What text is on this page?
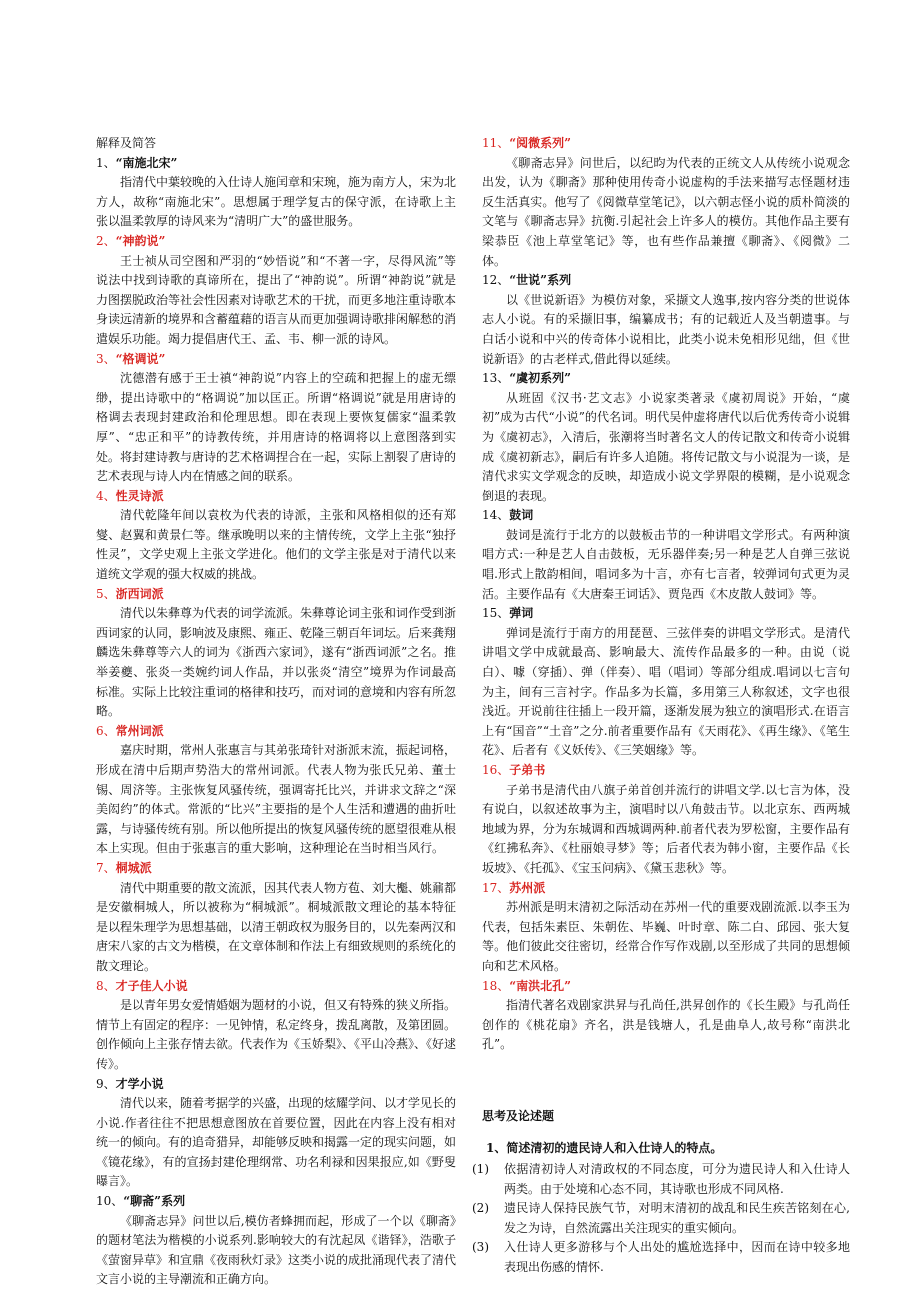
解释及简答

1、“南施北宋”

指清代中葉较晚的入仕诗人施闰章和宋琬，施为南方人，宋为北方人，故称“南施北宋”。思想属于理学复古的保守派，在诗歌上主张以温柔敦厚的诗风来为“清明广大”的盛世服务。

2、“神韵说”

王士祯从司空图和严羽的“妙悟说”和“不著一字，尽得风流”等说法中找到诗歌的真谛所在，提出了“神韵说”。所谓“神韵说”就是力图摆脱政治等社会性因素对诗歌艺术的干扰，而更多地注重诗歌本身读远清新的境界和含蓄蕴藉的语言从而更加强调诗歌排闲解愁的消遣娱乐功能。竭力提倡唐代王、孟、韦、柳一派的诗风。

3、“格调说”

沈德潜有感于王士禛“神韵说”内容上的空疏和把握上的虚无缥缈，提出诗歌中的“格调说”加以匡正。所谓“格调说”就是用唐诗的格调去表现封建政治和伦理思想。即在表现上要恢复儒家“温柔敦厚”、“忠正和平”的诗教传统，并用唐诗的格调将以上意图落到实处。将封建诗教与唐诗的艺术格调捏合在一起，实际上割裂了唐诗的艺术表现与诗人内在情感之间的联系。

4、性灵诗派

清代乾隆年间以袁枚为代表的诗派，主张和风格相似的还有郑燮、赵翼和黄景仁等。继承晚明以来的主情传统，文学上主张“独抒性灵”，文学史观上主张文学进化。他们的文学主张是对于清代以来道统文学观的强大权威的挑战。

5、浙西词派

清代以朱彝尊为代表的词学流派。朱彝尊论词主张和词作受到浙西词家的认同，影响波及康熙、雍正、乾隆三朝百年词坛。后来龚翔麟选朱彝尊等六人的词为《浙西六家词》，遂有“浙西词派”之名。推举姜夔、张炎一类婉约词人作品，并以张炎“清空”境界为作词最高标准。实际上比较注重词的格律和技巧，而对词的意境和内容有所忽略。

6、常州词派

嘉庆时期，常州人张惠言与其弟张琦针对浙派末流，振起词格，形成在清中后期声势浩大的常州词派。代表人物为张氏兄弟、董士锡、周济等。主张恢复风骚传统，强调寄托比兴，并讲求文辞之“深美闳约”的体式。常派的“比兴”主要指的是个人生活和遭遇的曲折吐露，与诗骚传统有别。所以他所提出的恢复风骚传统的愿望很难从根本上实现。但由于张惠言的重大影响，这种理论在当时相当风行。

7、桐城派

清代中期重要的散文流派，因其代表人物方苞、刘大櫆、姚鼐都是安徽桐城人，所以被称为“桐城派”。桐城派散文理论的基本特征是以程朱理学为思想基础，以清王朝政权为服务目的，以先秦两汉和唐宋八家的古文为楷模，在文章体制和作法上有细致规则的系统化的散文理论。

8、才子佳人小说

是以青年男女爱情婚姻为题材的小说，但又有特殊的狭义所指。情节上有固定的程序：一见钟情，私定终身，拨乱离散，及第团圆。创作倾向上主张存情去欲。代表作为《玉娇梨》、《平山冷燕》、《好逑传》。

9、才学小说

清代以来，随着考据学的兴盛，出现的炫耀学问、以才学见长的小说.作者往往不把思想意图放在首要位置，因此在内容上没有相对统一的倾向。有的追奇猎异，却能够反映和揭露一定的现实问题，如《镜花缘》，有的宣扬封建伦理纲常、功名利禄和因果报应,如《野叟曝言》。

10、“聊斋”系列

《聊斋志异》问世以后,模仿者蜂拥而起，形成了一个以《聊斋》的题材笔法为楷模的小说系列.影响较大的有沈起凤《谐铎》，浩歌子《萤窗异草》和宣鼎《夜雨秋灯录》这类小说的成批涌现代表了清代文言小说的主导潮流和正确方向。

11、“阅微系列”

《聊斋志异》问世后，以纪昀为代表的正统文人从传统小说观念出发，认为《聊斋》那种使用传奇小说虚构的手法来描写志怪题材违反生活真实。他写了《阅微草堂笔记》，以六朝志怪小说的质朴简淡的文笔与《聊斋志异》抗衡.引起社会上许多人的模仿。其他作品主要有梁恭臣《池上草堂笔记》等，也有些作品兼擅《聊斋》、《阅微》二体。

12、“世说”系列

以《世说新语》为模仿对象，采撷文人逸事,按内容分类的世说体志人小说。有的采撷旧事，编纂成书；有的记载近人及当朝遗事。与白话小说和中兴的传奇体小说相比，此类小说未免相形见绌，但《世说新语》的古老样式,借此得以延续。

13、“虞初系列”

从班固《汉书·艺文志》小说家类著录《虞初周说》开始，“虞初”成为古代“小说”的代名词。明代吴仲虚将唐代以后优秀传奇小说辑为《虞初志》，入清后，张潮将当时著名文人的传记散文和传奇小说辑成《虞初新志》，嗣后有许多人追随。将传记散文与小说混为一谈，是清代求实文学观念的反映，却造成小说文学界限的模糊，是小说观念倒退的表现。

14、鼓词

鼓词是流行于北方的以鼓板击节的一种讲唱文学形式。有两种演唱方式:一种是艺人自击鼓板，无乐器伴奏;另一种是艺人自弹三弦说唱.形式上散韵相间，唱词多为十言，亦有七言者，较弹词句式更为灵活。主要作品有《大唐秦王词话》、贾凫西《木皮散人鼓词》等。

15、弹词

弹词是流行于南方的用琵琶、三弦伴奏的讲唱文学形式。是清代讲唱文学中成就最高、影响最大、流传作品最多的一种。由说（说白）、噱（穿插）、弹（伴奏）、唱（唱词）等部分组成.唱词以七言句为主，间有三言衬字。作品多为长篇，多用第三人称叙述，文字也很浅近。开说前往往插上一段开篇，逐渐发展为独立的演唱形式.在语言上有“国音”“土音”之分.前者重要作品有《天雨花》、《再生缘》、《笔生花》、后者有《义妖传》、《三笑姻缘》等。

16、子弟书

子弟书是清代由八旗子弟首创并流行的讲唱文学.以七言为体，没有说白，以叙述故事为主，演唱时以八角鼓击节。以北京东、西两城地域为界，分为东城调和西城调两种.前者代表为罗松窗，主要作品有《红拂私奔》、《杜丽娘寻梦》等；后者代表为韩小窗，主要作品《长坂坡》、《托孤》、《宝玉问病》、《黛玉悲秋》等。

17、苏州派

苏州派是明末清初之际活动在苏州一代的重要戏剧流派.以李玉为代表，包括朱素臣、朱朝佐、毕巍、叶时章、陈二白、邱园、张大复等。他们彼此交往密切，经常合作写作戏剧,以至形成了共同的思想倾向和艺术风格。

18、“南洪北孔”

指清代著名戏剧家洪昇与孔尚任,洪昇创作的《长生殿》与孔尚任创作的《桃花扇》齐名，洪是钱塘人，孔是曲阜人,故号称“南洪北孔”。

思考及论述题

1、简述清初的遗民诗人和入仕诗人的特点。

(1) 依据清初诗人对清政权的不同态度，可分为遗民诗人和入仕诗人两类。由于处境和心态不同，其诗歌也形成不同风格.

(2) 遗民诗人保持民族气节，对明末清初的战乱和民生疾苦铭刻在心,发之为诗，自然流露出关注现实的重实倾向。

(3) 入仕诗人更多游移与个人出处的尴尬选择中，因而在诗中较多地表现出伤感的情怀.
